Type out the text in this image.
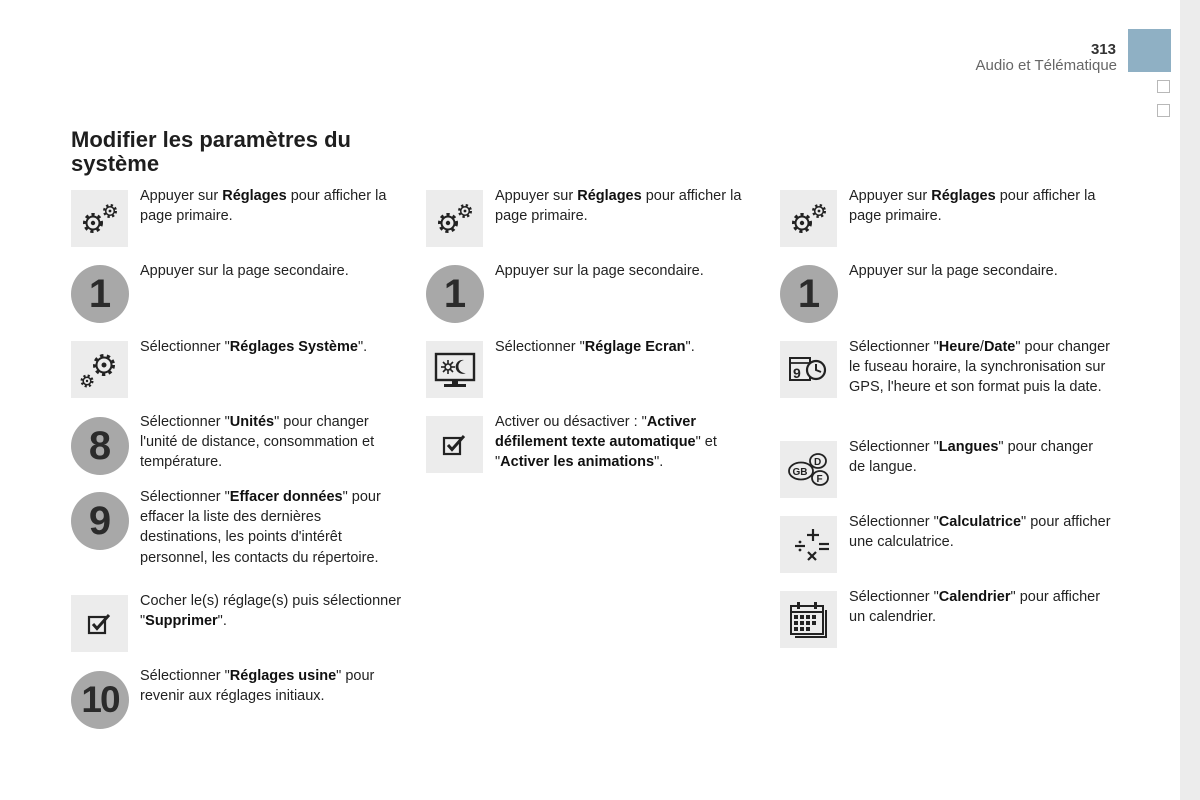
313
Audio et Télématique
Modifier les paramètres du système
Appuyer sur Réglages pour afficher la page primaire.
1
Appuyer sur la page secondaire.
Sélectionner "Réglages Système".
8
Sélectionner "Unités" pour changer l'unité de distance, consommation et température.
9
Sélectionner "Effacer données" pour effacer la liste des dernières destinations, les points d'intérêt personnel, les contacts du répertoire.
Cocher le(s) réglage(s) puis sélectionner "Supprimer".
10
Sélectionner "Réglages usine" pour revenir aux réglages initiaux.
Appuyer sur Réglages pour afficher la page primaire.
1
Appuyer sur la page secondaire.
Sélectionner "Réglage Ecran".
Activer ou désactiver : "Activer défilement texte automatique" et "Activer les animations".
Appuyer sur Réglages pour afficher la page primaire.
1
Appuyer sur la page secondaire.
9
Sélectionner "Heure/Date" pour changer le fuseau horaire, la synchronisation sur GPS, l'heure et son format puis la date.
D
F
GB
Sélectionner "Langues" pour changer de langue.
Sélectionner "Calculatrice" pour afficher une calculatrice.
Sélectionner "Calendrier" pour afficher un calendrier.
